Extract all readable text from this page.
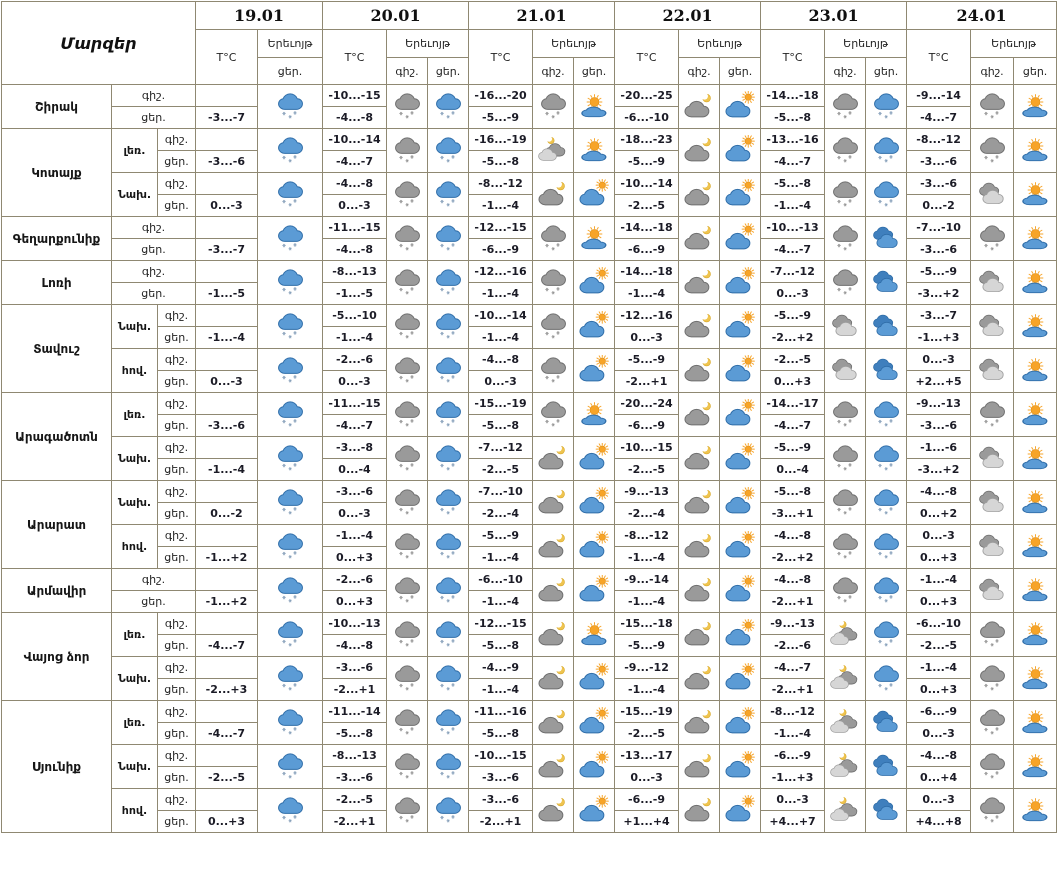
Մարզեր			19.01		20.01			21.01			22.01			23.01			24.01		
			T°C	Երեւոյթ	T°C	Երեւոյթ		T°C	Երեւոյթ		T°C	Երեւոյթ		T°C	Երեւոյթ		T°C	Երեւոյթ	
				ցեր.		գիշ.	ցեր.		գիշ.	ցեր.		գիշ.	ցեր.		գիշ.	ցեր.		գիշ.	ցեր.
Շիրակ	գիշ.				-10...-15			-16...-20			-20...-25			-14...-18			-9...-14	

	ցեր.		-3...-7		-4...-8			-5...-9			-6...-10			-5...-8			-4...-7		
Կոտայք	լեռ.	գիշ.			-10...-14			-16...-19			-18...-23			-13...-16			-8...-12	

		ցեր.	-3...-6		-4...-7			-5...-8			-5...-9			-4...-7			-3...-6		
	Նախ.	գիշ.			-4...-8			-8...-12			-10...-14			-5...-8			-3...-6	

		ցեր.	0...-3		0...-3			-1...-4			-2...-5			-1...-4			0...-2		
Գեղարքունիք	գիշ.				-11...-15			-12...-15			-14...-18			-10...-13			-7...-10	

	ցեր.		-3...-7		-4...-8			-6...-9			-6...-9			-4...-7			-3...-6		
Լոռի	գիշ.				-8...-13			-12...-16			-14...-18			-7...-12			-5...-9	

	ցեր.		-1...-5		-1...-5			-1...-4			-1...-4			0...-3			-3...+2		
Տավուշ	Նախ.	գիշ.			-5...-10			-10...-14			-12...-16			-5...-9			-3...-7	

		ցեր.	-1...-4		-1...-4			-1...-4			0...-3			-2...+2			-1...+3		
	հով.	գիշ.			-2...-6			-4...-8			-5...-9			-2...-5			0...-3	

		ցեր.	0...-3		0...-3			0...-3			-2...+1			0...+3			+2...+5		
Արագածոտն	լեռ.	գիշ.			-11...-15			-15...-19			-20...-24			-14...-17			-9...-13	

		ցեր.	-3...-6		-4...-7			-5...-8			-6...-9			-4...-7			-3...-6		
	Նախ.	գիշ.			-3...-8			-7...-12			-10...-15			-5...-9			-1...-6	

		ցեր.	-1...-4		0...-4			-2...-5			-2...-5			0...-4			-3...+2		
Արարատ	Նախ.	գիշ.			-3...-6			-7...-10			-9...-13			-5...-8			-4...-8	

		ցեր.	0...-2		0...-3			-2...-4			-2...-4			-3...+1			0...+2		
	հով.	գիշ.			-1...-4			-5...-9			-8...-12			-4...-8			0...-3	

		ցեր.	-1...+2		0...+3			-1...-4			-1...-4			-2...+2			0...+3		
Արմավիր	գիշ.				-2...-6			-6...-10			-9...-14			-4...-8			-1...-4	

	ցեր.		-1...+2		0...+3			-1...-4			-1...-4			-2...+1			0...+3		
Վայոց ձոր	լեռ.	գիշ.			-10...-13			-12...-15			-15...-18			-9...-13			-6...-10	

		ցեր.	-4...-7		-4...-8			-5...-8			-5...-9			-2...-6			-2...-5		
	Նախ.	գիշ.			-3...-6			-4...-9			-9...-12			-4...-7			-1...-4	

		ցեր.	-2...+3		-2...+1			-1...-4			-1...-4			-2...+1			0...+3		
Սյունիք	լեռ.	գիշ.			-11...-14			-11...-16			-15...-19			-8...-12			-6...-9	

		ցեր.	-4...-7		-5...-8			-5...-8			-2...-5			-1...-4			0...-3		
	Նախ.	գիշ.			-8...-13			-10...-15			-13...-17			-6...-9			-4...-8	

		ցեր.	-2...-5		-3...-6			-3...-6			0...-3			-1...+3			0...+4		
	հով.	գիշ.			-2...-5			-3...-6			-6...-9			0...-3			0...-3	

		ցեր.	0...+3		-2...+1			-2...+1			+1...+4			+4...+7			+4...+8		
